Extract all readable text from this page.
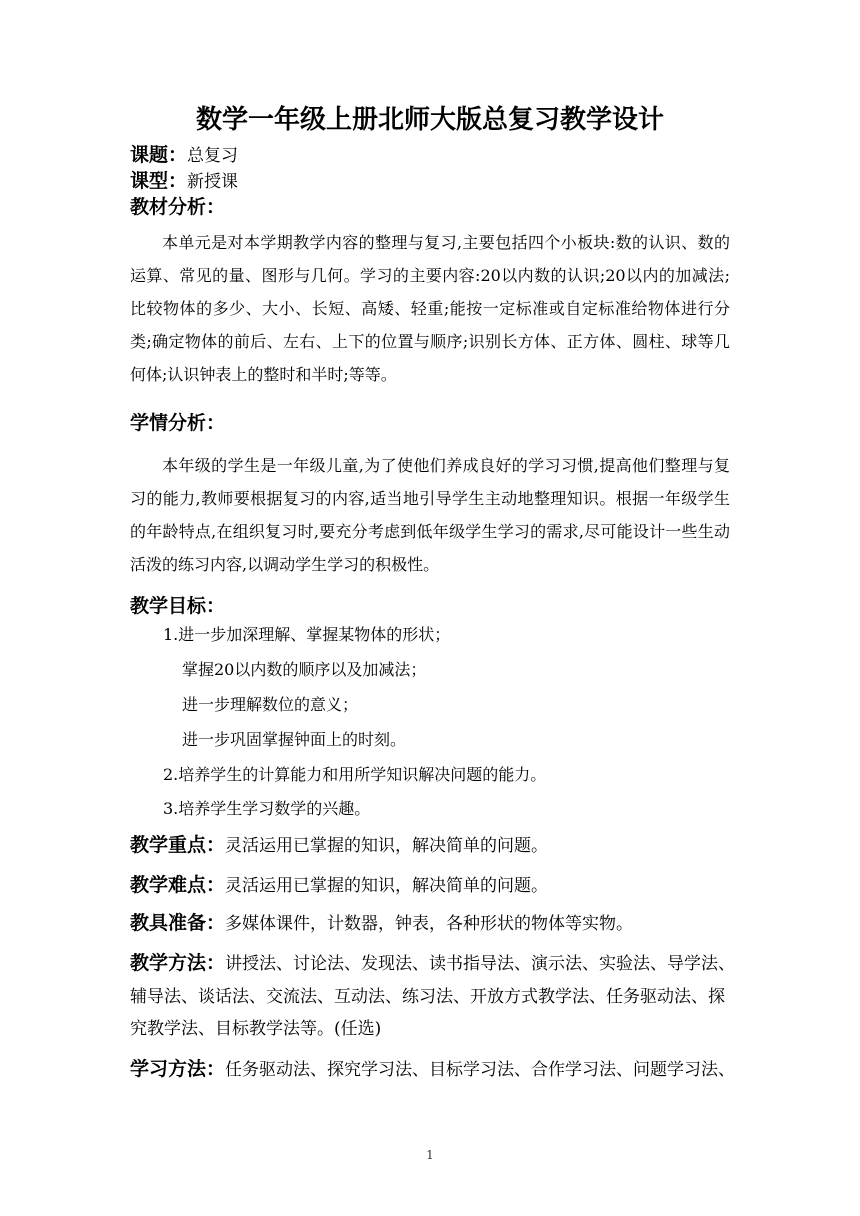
数学一年级上册北师大版总复习教学设计
课题：总复习
课型：新授课
教材分析：
本单元是对本学期教学内容的整理与复习,主要包括四个小板块:数的认识、数的运算、常见的量、图形与几何。学习的主要内容:20以内数的认识;20以内的加减法;比较物体的多少、大小、长短、高矮、轻重;能按一定标准或自定标准给物体进行分类;确定物体的前后、左右、上下的位置与顺序;识别长方体、正方体、圆柱、球等几何体;认识钟表上的整时和半时;等等。
学情分析：
本年级的学生是一年级儿童,为了使他们养成良好的学习习惯,提高他们整理与复习的能力,教师要根据复习的内容,适当地引导学生主动地整理知识。根据一年级学生的年龄特点,在组织复习时,要充分考虑到低年级学生学习的需求,尽可能设计一些生动活泼的练习内容,以调动学生学习的积极性。
教学目标：
1.进一步加深理解、掌握某物体的形状；
掌握20以内数的顺序以及加减法；
进一步理解数位的意义；
进一步巩固掌握钟面上的时刻。
2.培养学生的计算能力和用所学知识解决问题的能力。
3.培养学生学习数学的兴趣。
教学重点：灵活运用已掌握的知识，解决简单的问题。
教学难点：灵活运用已掌握的知识，解决简单的问题。
教具准备：多媒体课件，计数器，钟表，各种形状的物体等实物。
教学方法：讲授法、讨论法、发现法、读书指导法、演示法、实验法、导学法、
辅导法、谈话法、交流法、互动法、练习法、开放方式教学法、任务驱动法、探
究教学法、目标教学法等。(任选)
学习方法：任务驱动法、探究学习法、目标学习法、合作学习法、问题学习法、
1
